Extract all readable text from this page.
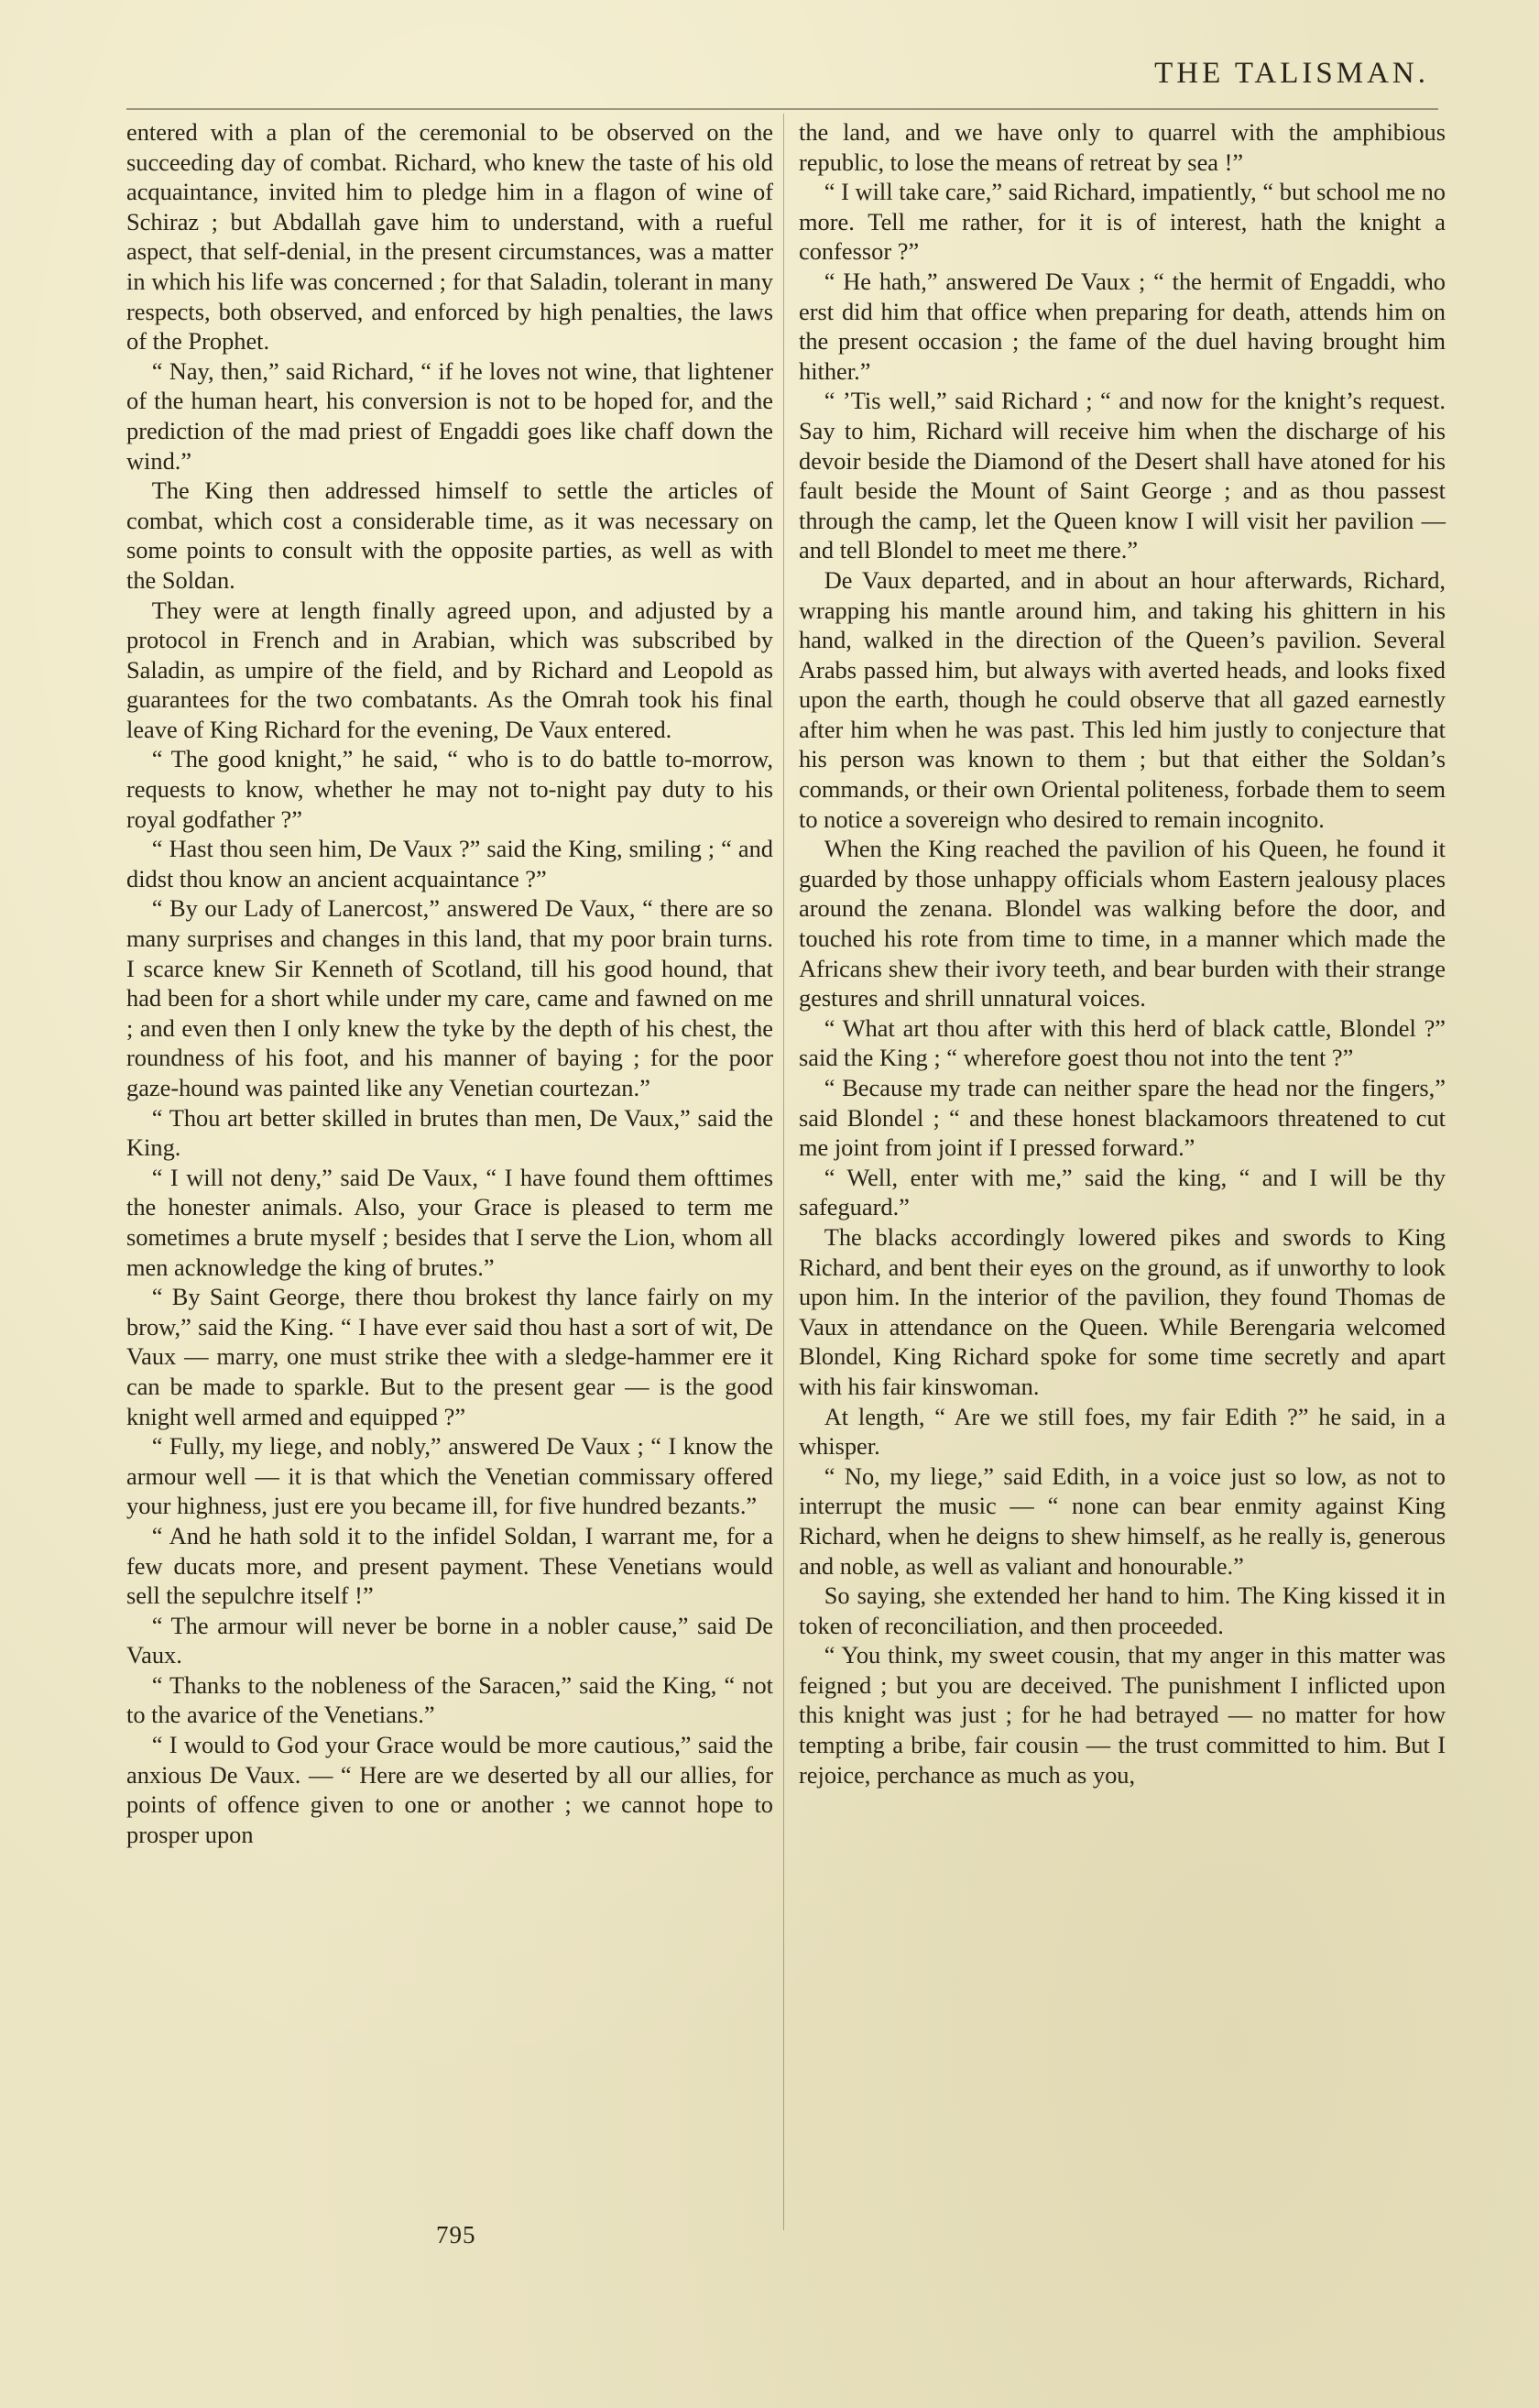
THE TALISMAN.

entered with a plan of the ceremonial to be observed on the succeeding day of combat. Richard, who knew the taste of his old acquaintance, invited him to pledge him in a flagon of wine of Schiraz ; but Abdallah gave him to understand, with a rueful aspect, that self-denial, in the present circumstances, was a matter in which his life was concerned ; for that Saladin, tolerant in many respects, both observed, and enforced by high penalties, the laws of the Prophet.

“ Nay, then,” said Richard, “ if he loves not wine, that lightener of the human heart, his conversion is not to be hoped for, and the prediction of the mad priest of Engaddi goes like chaff down the wind.”

The King then addressed himself to settle the articles of combat, which cost a considerable time, as it was necessary on some points to consult with the opposite parties, as well as with the Soldan.

They were at length finally agreed upon, and adjusted by a protocol in French and in Arabian, which was subscribed by Saladin, as umpire of the field, and by Richard and Leopold as guarantees for the two combatants. As the Omrah took his final leave of King Richard for the evening, De Vaux entered.

“ The good knight,” he said, “ who is to do battle to-morrow, requests to know, whether he may not to-night pay duty to his royal godfather ?”

“ Hast thou seen him, De Vaux ?” said the King, smiling ; “ and didst thou know an ancient acquaintance ?”

“ By our Lady of Lanercost,” answered De Vaux, “ there are so many surprises and changes in this land, that my poor brain turns. I scarce knew Sir Kenneth of Scotland, till his good hound, that had been for a short while under my care, came and fawned on me ; and even then I only knew the tyke by the depth of his chest, the roundness of his foot, and his manner of baying ; for the poor gaze-hound was painted like any Venetian courtezan.”

“ Thou art better skilled in brutes than men, De Vaux,” said the King.

“ I will not deny,” said De Vaux, “ I have found them ofttimes the honester animals. Also, your Grace is pleased to term me sometimes a brute myself ; besides that I serve the Lion, whom all men acknowledge the king of brutes.”

“ By Saint George, there thou brokest thy lance fairly on my brow,” said the King. “ I have ever said thou hast a sort of wit, De Vaux — marry, one must strike thee with a sledge-hammer ere it can be made to sparkle. But to the present gear — is the good knight well armed and equipped ?”

“ Fully, my liege, and nobly,” answered De Vaux ; “ I know the armour well — it is that which the Venetian commissary offered your highness, just ere you became ill, for five hundred bezants.”

“ And he hath sold it to the infidel Soldan, I warrant me, for a few ducats more, and present payment. These Venetians would sell the sepulchre itself !”

“ The armour will never be borne in a nobler cause,” said De Vaux.

“ Thanks to the nobleness of the Saracen,” said the King, “ not to the avarice of the Venetians.”

“ I would to God your Grace would be more cautious,” said the anxious De Vaux. — “ Here are we deserted by all our allies, for points of offence given to one or another ; we cannot hope to prosper upon

the land, and we have only to quarrel with the amphibious republic, to lose the means of retreat by sea !”

“ I will take care,” said Richard, impatiently, “ but school me no more. Tell me rather, for it is of interest, hath the knight a confessor ?”

“ He hath,” answered De Vaux ; “ the hermit of Engaddi, who erst did him that office when preparing for death, attends him on the present occasion ; the fame of the duel having brought him hither.”

“ ’Tis well,” said Richard ; “ and now for the knight’s request. Say to him, Richard will receive him when the discharge of his devoir beside the Diamond of the Desert shall have atoned for his fault beside the Mount of Saint George ; and as thou passest through the camp, let the Queen know I will visit her pavilion — and tell Blondel to meet me there.”

De Vaux departed, and in about an hour afterwards, Richard, wrapping his mantle around him, and taking his ghittern in his hand, walked in the direction of the Queen’s pavilion. Several Arabs passed him, but always with averted heads, and looks fixed upon the earth, though he could observe that all gazed earnestly after him when he was past. This led him justly to conjecture that his person was known to them ; but that either the Soldan’s commands, or their own Oriental politeness, forbade them to seem to notice a sovereign who desired to remain incognito.

When the King reached the pavilion of his Queen, he found it guarded by those unhappy officials whom Eastern jealousy places around the zenana. Blondel was walking before the door, and touched his rote from time to time, in a manner which made the Africans shew their ivory teeth, and bear burden with their strange gestures and shrill unnatural voices.

“ What art thou after with this herd of black cattle, Blondel ?” said the King ; “ wherefore goest thou not into the tent ?”

“ Because my trade can neither spare the head nor the fingers,” said Blondel ; “ and these honest blackamoors threatened to cut me joint from joint if I pressed forward.”

“ Well, enter with me,” said the king, “ and I will be thy safeguard.”

The blacks accordingly lowered pikes and swords to King Richard, and bent their eyes on the ground, as if unworthy to look upon him. In the interior of the pavilion, they found Thomas de Vaux in attendance on the Queen. While Berengaria welcomed Blondel, King Richard spoke for some time secretly and apart with his fair kinswoman.

At length, “ Are we still foes, my fair Edith ?” he said, in a whisper.

“ No, my liege,” said Edith, in a voice just so low, as not to interrupt the music — “ none can bear enmity against King Richard, when he deigns to shew himself, as he really is, generous and noble, as well as valiant and honourable.”

So saying, she extended her hand to him. The King kissed it in token of reconciliation, and then proceeded.

“ You think, my sweet cousin, that my anger in this matter was feigned ; but you are deceived. The punishment I inflicted upon this knight was just ; for he had betrayed — no matter for how tempting a bribe, fair cousin — the trust committed to him. But I rejoice, perchance as much as you,

795
